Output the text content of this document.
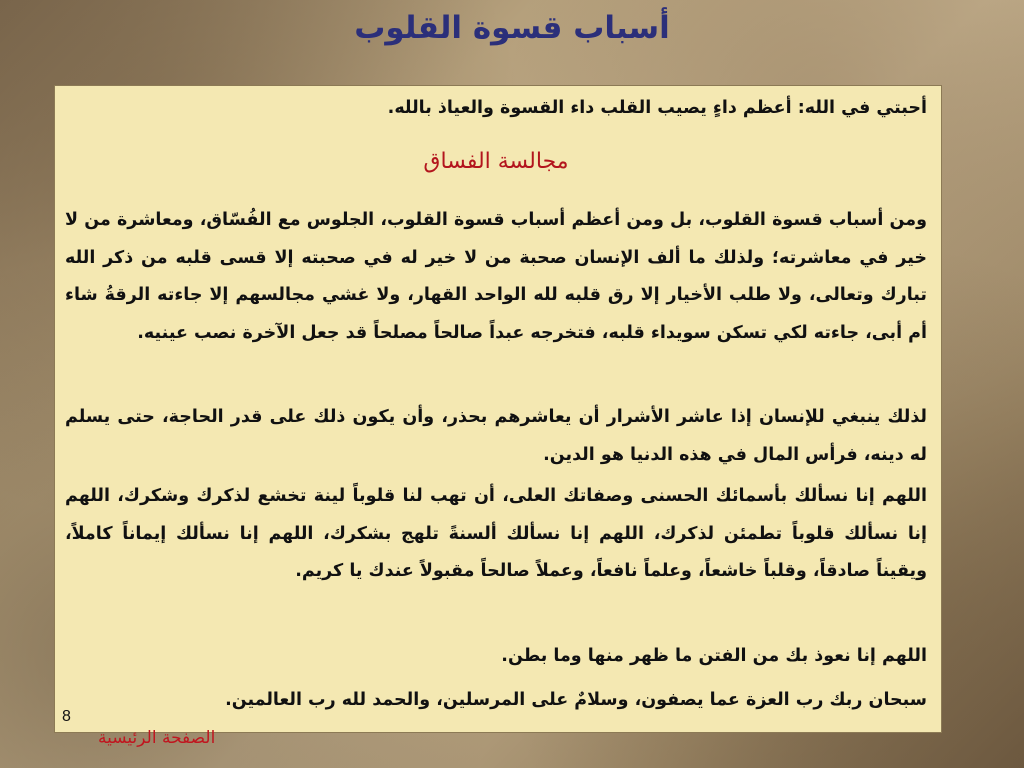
أسباب قسوة القلوب

أحبتي في الله: أعظم داءٍ يصيب القلب داء القسوة والعياذ بالله.

مجالسة الفساق

ومن أسباب قسوة القلوب، بل ومن أعظم أسباب قسوة القلوب، الجلوس مع الفُسّاق، ومعاشرة من لا خير في معاشرته؛ ولذلك ما ألف الإنسان صحبة من لا خير له في صحبته إلا قسى قلبه من ذكر الله تبارك وتعالى، ولا طلب الأخيار إلا رق قلبه لله الواحد القهار، ولا غشي مجالسهم إلا جاءته الرقةُ شاء أم أبى، جاءته لكي تسكن سويداء قلبه، فتخرجه عبداً صالحاً مصلحاً قد جعل الآخرة نصب عينيه.

لذلك ينبغي للإنسان إذا عاشر الأشرار أن يعاشرهم بحذر، وأن يكون ذلك على قدر الحاجة، حتى يسلم له دينه، فرأس المال في هذه الدنيا هو الدين.

اللهم إنا نسألك بأسمائك الحسنى وصفاتك العلى، أن تهب لنا قلوباً لينة تخشع لذكرك وشكرك، اللهم إنا نسألك قلوباً تطمئن لذكرك، اللهم إنا نسألك ألسنةً تلهج بشكرك، اللهم إنا نسألك إيماناً كاملاً، ويقيناً صادقاً، وقلباً خاشعاً، وعلماً نافعاً، وعملاً صالحاً مقبولاً عندك يا كريم.

اللهم إنا نعوذ بك من الفتن ما ظهر منها وما بطن.

سبحان ربك رب العزة عما يصفون، وسلامٌ على المرسلين، والحمد لله رب العالمين.

8
الصفحة الرئيسية
